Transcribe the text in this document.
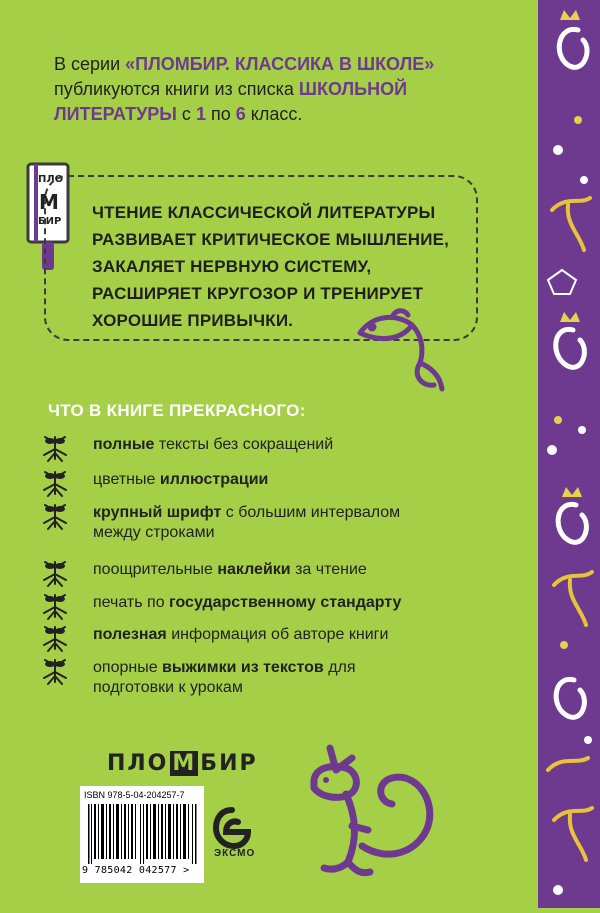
В серии «ПЛОМБИР. КЛАССИКА В ШКОЛЕ» публикуются книги из списка ШКОЛЬНОЙ ЛИТЕРАТУРЫ с 1 по 6 класс.
ПЛО
М
БИР ЧТЕНИЕ КЛАССИЧЕСКОЙ ЛИТЕРАТУРЫ
РАЗВИВАЕТ КРИТИЧЕСКОЕ МЫШЛЕНИЕ,
ЗАКАЛЯЕТ НЕРВНУЮ СИСТЕМУ,
РАСШИРЯЕТ КРУГОЗОР И ТРЕНИРУЕТ
ХОРОШИЕ ПРИВЫЧКИ.
ЧТО В КНИГЕ ПРЕКРАСНОГО:
полные тексты без сокращений
цветные иллюстрации
крупный шрифт с большим интервалом между строками
поощрительные наклейки за чтение
печать по государственному стандарту
полезная информация об авторе книги
опорные выжимки из текстов для подготовки к урокам
ПЛО М БИР
ISBN 978-5-04-204257-7
9 785042 042577 >
ЭКСМО
